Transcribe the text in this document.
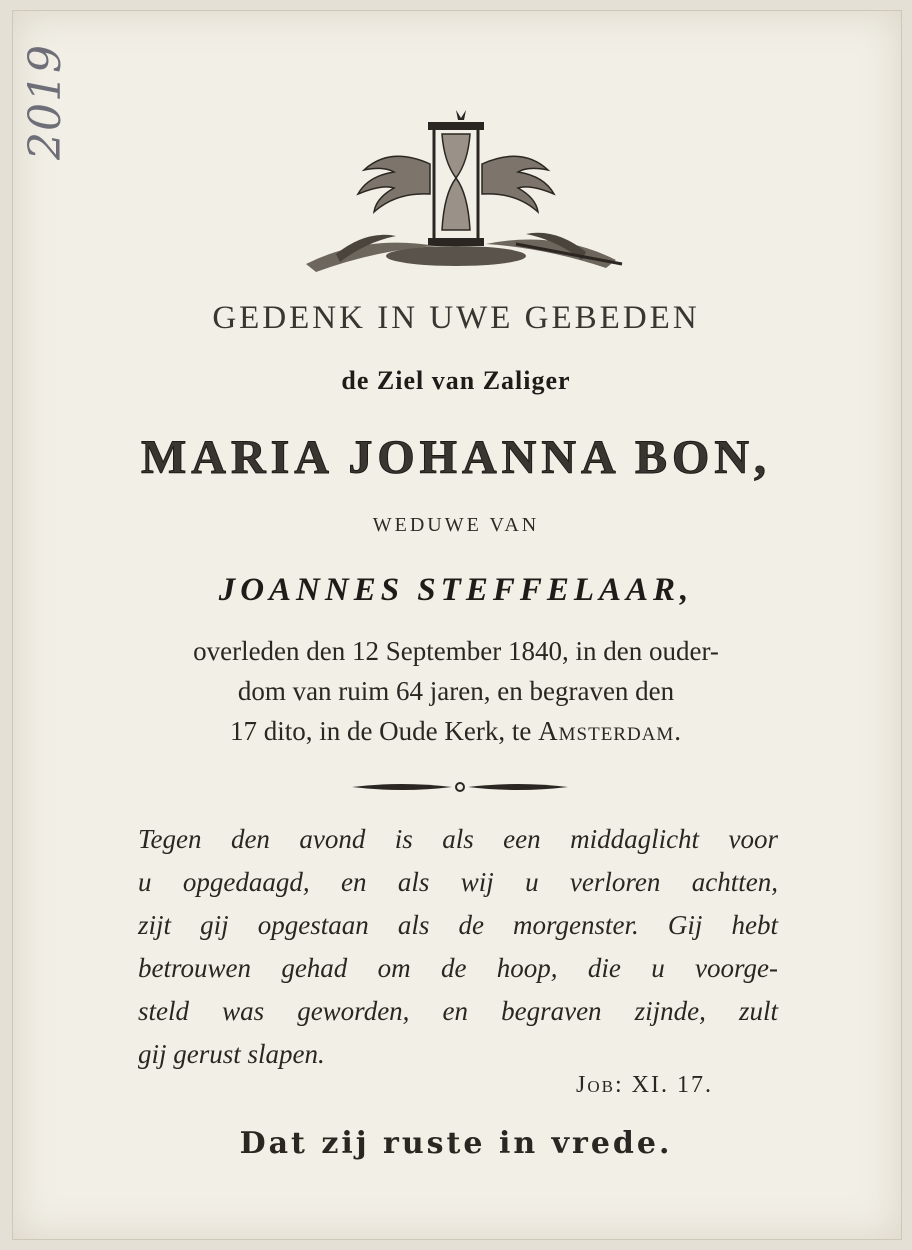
2019
GEDENK IN UWE GEBEDEN
de Ziel van Zaliger
MARIA JOHANNA BON,
WEDUWE VAN
JOANNES STEFFELAAR,
overleden den 12 September 1840, in den ouder-
dom van ruim 64 jaren, en begraven den
17 dito, in de Oude Kerk, te Amsterdam.
Tegen den avond is als een middaglicht voor
u opgedaagd, en als wij u verloren achtten,
zijt gij opgestaan als de morgenster. Gij hebt
betrouwen gehad om de hoop, die u voorge-
steld was geworden, en begraven zijnde, zult
gij gerust slapen.
Job: XI. 17.
Dat zij ruste in vrede.
